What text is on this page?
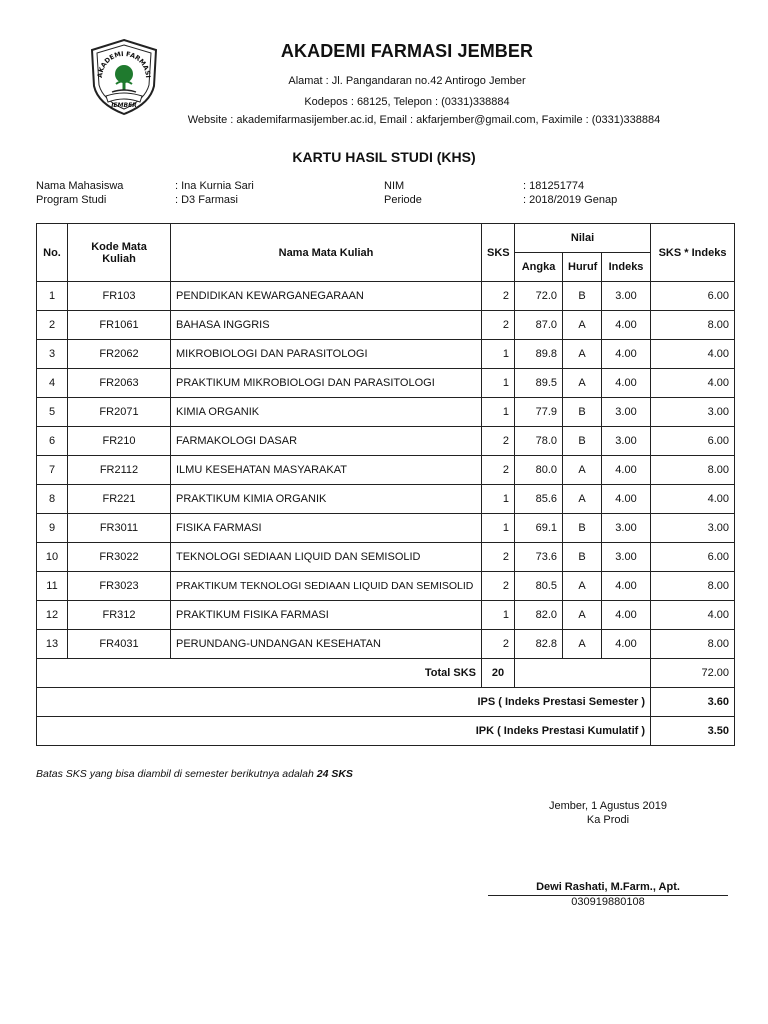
AKADEMI FARMASI
JEMBER
AKADEMI FARMASI JEMBER
Alamat : Jl. Pangandaran no.42 Antirogo Jember
Kodepos : 68125, Telepon : (0331)338884
Website : akademifarmasijember.ac.id, Email : akfarjember@gmail.com, Faximile : (0331)338884
KARTU HASIL STUDI (KHS)
Nama Mahasiswa	: Ina Kurnia Sari
Program Studi	: D3 Farmasi
NIM	: 181251774
Periode	: 2018/2019 Genap
No.	Kode Mata Kuliah	Nama Mata Kuliah	SKS	Nilai			SKS * Indeks
				Angka	Huruf	Indeks	
1	FR103	PENDIDIKAN KEWARGANEGARAAN	2	72.0	B	3.00	6.00
2	FR1061	BAHASA INGGRIS	2	87.0	A	4.00	8.00
3	FR2062	MIKROBIOLOGI DAN PARASITOLOGI	1	89.8	A	4.00	4.00
4	FR2063	PRAKTIKUM MIKROBIOLOGI DAN PARASITOLOGI	1	89.5	A	4.00	4.00
5	FR2071	KIMIA ORGANIK	1	77.9	B	3.00	3.00
6	FR210	FARMAKOLOGI DASAR	2	78.0	B	3.00	6.00
7	FR2112	ILMU KESEHATAN MASYARAKAT	2	80.0	A	4.00	8.00
8	FR221	PRAKTIKUM KIMIA ORGANIK	1	85.6	A	4.00	4.00
9	FR3011	FISIKA FARMASI	1	69.1	B	3.00	3.00
10	FR3022	TEKNOLOGI SEDIAAN LIQUID DAN SEMISOLID	2	73.6	B	3.00	6.00
11	FR3023	PRAKTIKUM TEKNOLOGI SEDIAAN LIQUID DAN SEMISOLID	2	80.5	A	4.00	8.00
12	FR312	PRAKTIKUM FISIKA FARMASI	1	82.0	A	4.00	4.00
13	FR4031	PERUNDANG-UNDANGAN KESEHATAN	2	82.8	A	4.00	8.00
Total SKS			20				72.00
IPS ( Indeks Prestasi Semester )							3.60
IPK ( Indeks Prestasi Kumulatif )							3.50
Batas SKS yang bisa diambil di semester berikutnya adalah 24 SKS
Jember, 1 Agustus 2019
Ka Prodi
Dewi Rashati, M.Farm., Apt.
030919880108
